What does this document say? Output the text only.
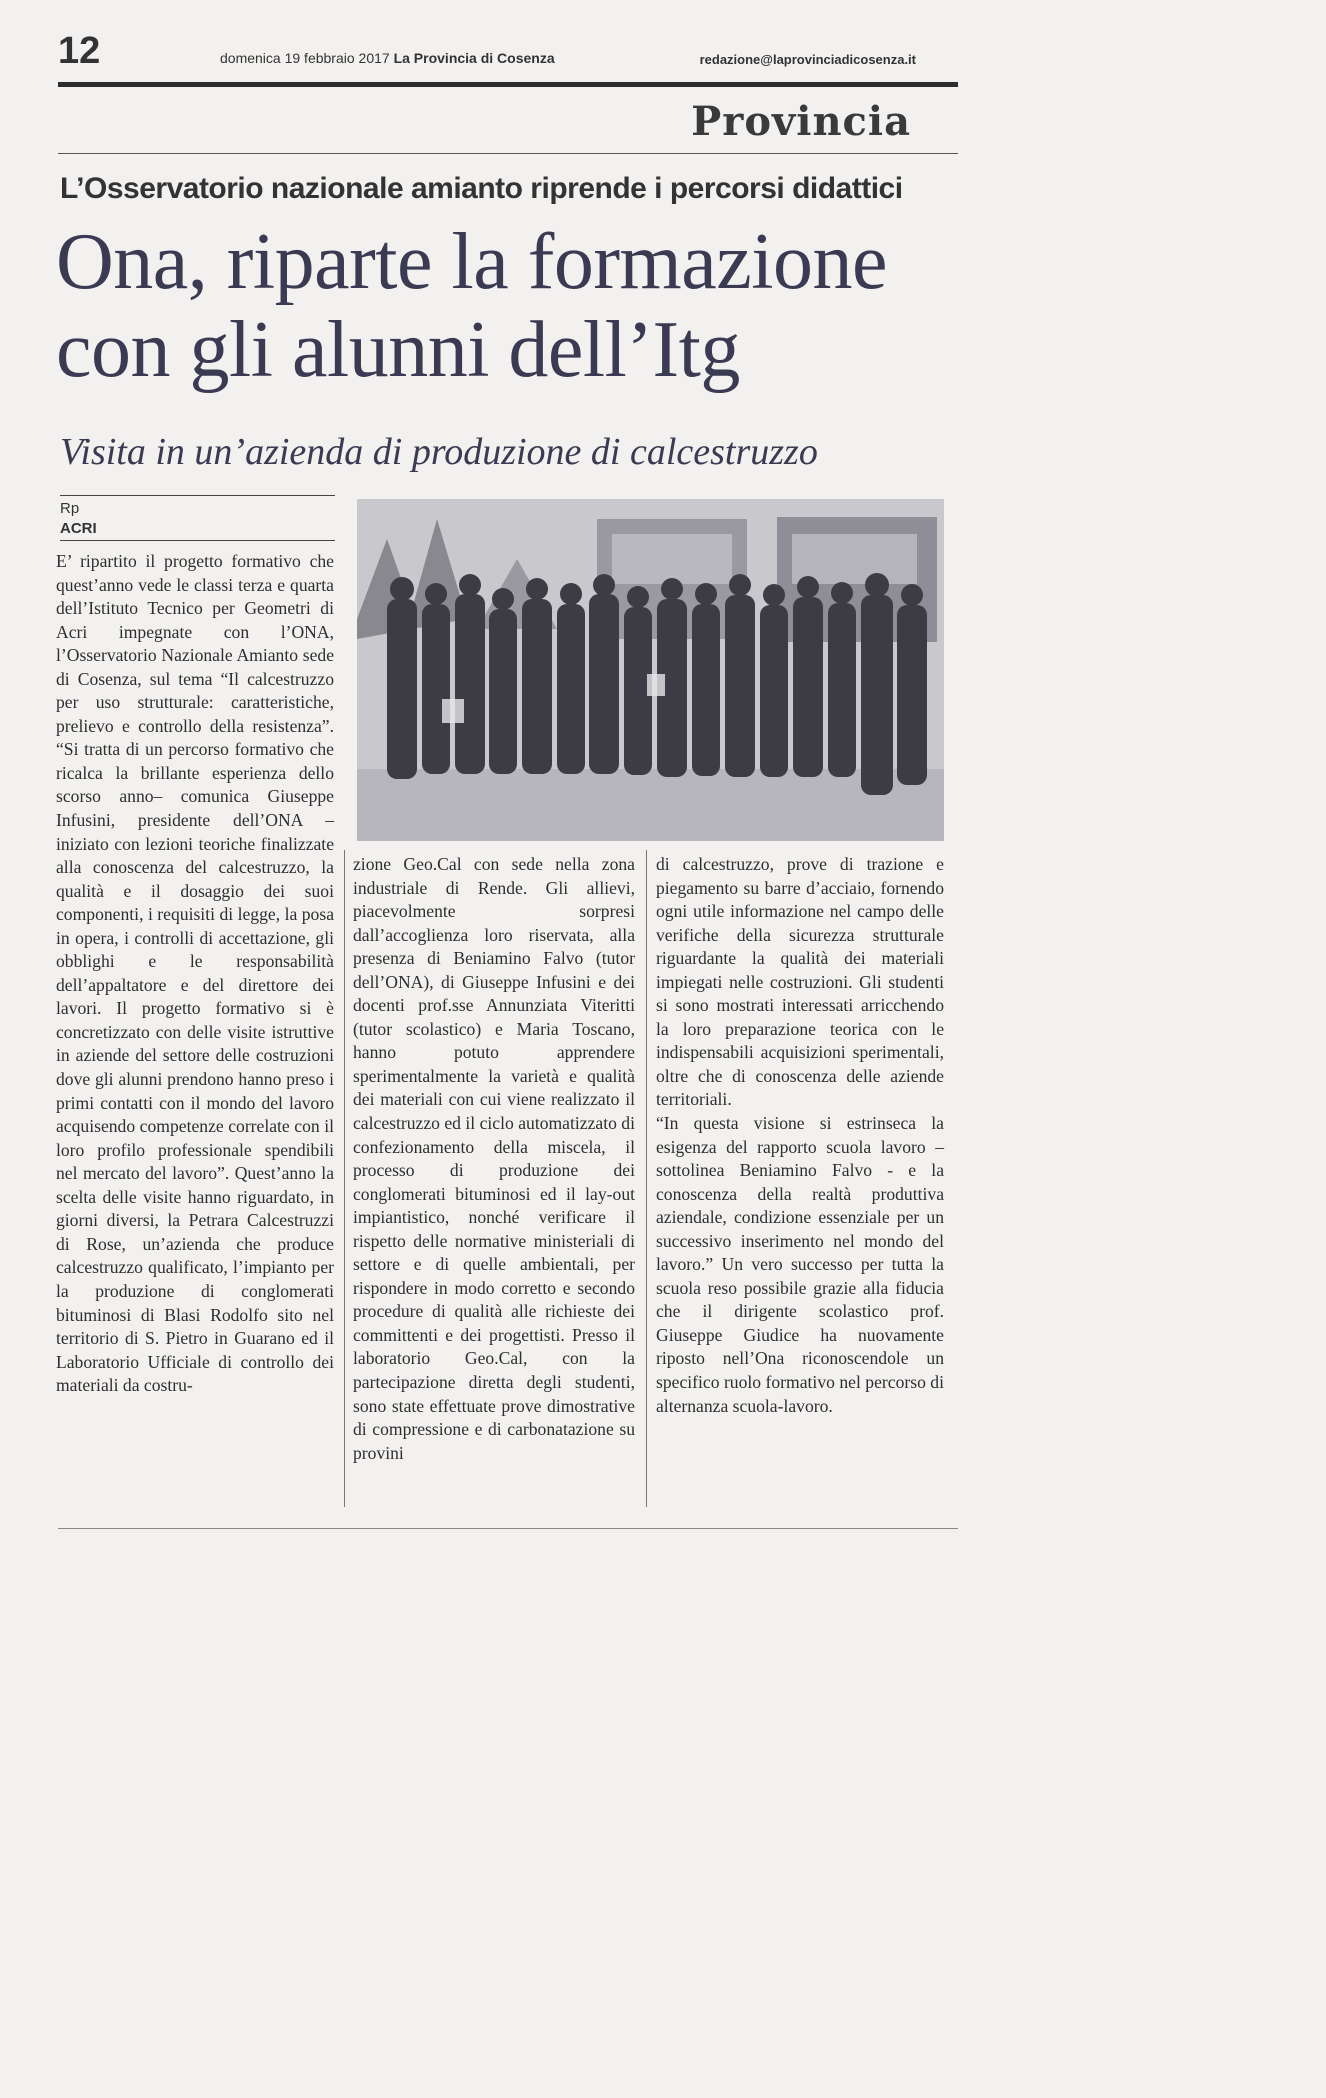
12	domenica 19 febbraio 2017 La Provincia di Cosenza	redazione@laprovinciadicosenza.it
Provincia
L’Osservatorio nazionale amianto riprende i percorsi didattici
Ona, riparte la formazione
con gli alunni dell’Itg
Visita in un’azienda di produzione di calcestruzzo
Rp
ACRI

E’ ripartito il progetto formativo che quest’anno vede le classi terza e quarta dell’Istituto Tecnico per Geometri di Acri impegnate con l’ONA, l’Osservatorio Nazionale Amianto sede di Cosenza, sul tema “Il calcestruzzo per uso strutturale: caratteristiche, prelievo e controllo della resistenza”. “Si tratta di un percorso formativo che ricalca la brillante esperienza dello scorso anno– comunica Giuseppe Infusini, presidente dell’ONA – iniziato con lezioni teoriche finalizzate alla conoscenza del calcestruzzo, la qualità e il dosaggio dei suoi componenti, i requisiti di legge, la posa in opera, i controlli di accettazione, gli obblighi e le responsabilità dell’appaltatore e del direttore dei lavori. Il progetto formativo si è concretizzato con delle visite istruttive in aziende del settore delle costruzioni dove gli alunni prendono hanno preso i primi contatti con il mondo del lavoro acquisendo competenze correlate con il loro profilo professionale spendibili nel mercato del lavoro”. Quest’anno la scelta delle visite hanno riguardato, in giorni diversi, la Petrara Calcestruzzi di Rose, un’azienda che produce calcestruzzo qualificato, l’impianto per la produzione di conglomerati bituminosi di Blasi Rodolfo sito nel territorio di S. Pietro in Guarano ed il Laboratorio Ufficiale di controllo dei materiali da costru-

zione Geo.Cal con sede nella zona industriale di Rende. Gli allievi, piacevolmente sorpresi dall’accoglienza loro riservata, alla presenza di Beniamino Falvo (tutor dell’ONA), di Giuseppe Infusini e dei docenti prof.sse Annunziata Viteritti (tutor scolastico) e Maria Toscano, hanno potuto apprendere sperimentalmente la varietà e qualità dei materiali con cui viene realizzato il calcestruzzo ed il ciclo automatizzato di confezionamento della miscela, il processo di produzione dei conglomerati bituminosi ed il lay-out impiantistico, nonché verificare il rispetto delle normative ministeriali di settore e di quelle ambientali, per rispondere in modo corretto e secondo procedure di qualità alle richieste dei committenti e dei progettisti. Presso il laboratorio Geo.Cal, con la partecipazione diretta degli studenti, sono state effettuate prove dimostrative di compressione e di carbonatazione su provini

di calcestruzzo, prove di trazione e piegamento su barre d’acciaio, fornendo ogni utile informazione nel campo delle verifiche della sicurezza strutturale riguardante la qualità dei materiali impiegati nelle costruzioni. Gli studenti si sono mostrati interessati arricchendo la loro preparazione teorica con le indispensabili acquisizioni sperimentali, oltre che di conoscenza delle aziende territoriali.

“In questa visione si estrinseca la esigenza del rapporto scuola lavoro –sottolinea Beniamino Falvo - e la conoscenza della realtà produttiva aziendale, condizione essenziale per un successivo inserimento nel mondo del lavoro.” Un vero successo per tutta la scuola reso possibile grazie alla fiducia che il dirigente scolastico prof. Giuseppe Giudice ha nuovamente riposto nell’Ona riconoscendole un specifico ruolo formativo nel percorso di alternanza scuola-lavoro.
